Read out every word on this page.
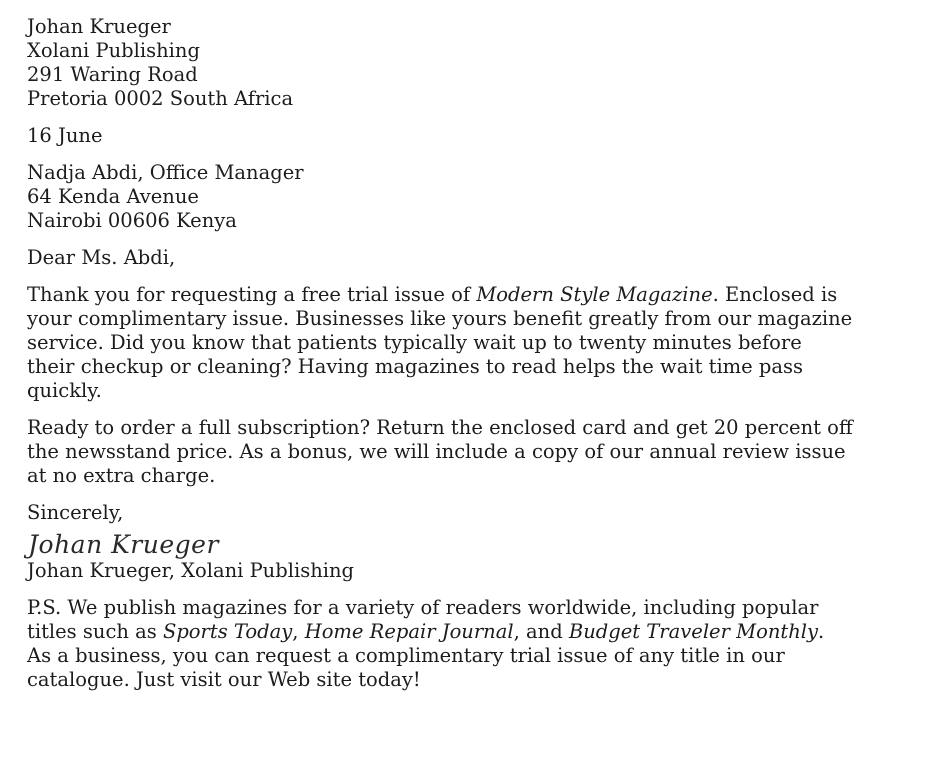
Johan Krueger
Xolani Publishing
291 Waring Road
Pretoria 0002 South Africa
16 June
Nadja Abdi, Office Manager
64 Kenda Avenue
Nairobi 00606 Kenya
Dear Ms. Abdi,
Thank you for requesting a free trial issue of Modern Style Magazine. Enclosed is
your complimentary issue. Businesses like yours benefit greatly from our magazine
service. Did you know that patients typically wait up to twenty minutes before
their checkup or cleaning? Having magazines to read helps the wait time pass
quickly.
Ready to order a full subscription? Return the enclosed card and get 20 percent off
the newsstand price. As a bonus, we will include a copy of our annual review issue
at no extra charge.
Sincerely,
Johan Krueger
Johan Krueger, Xolani Publishing
P.S. We publish magazines for a variety of readers worldwide, including popular
titles such as Sports Today, Home Repair Journal, and Budget Traveler Monthly.
As a business, you can request a complimentary trial issue of any title in our
catalogue. Just visit our Web site today!
